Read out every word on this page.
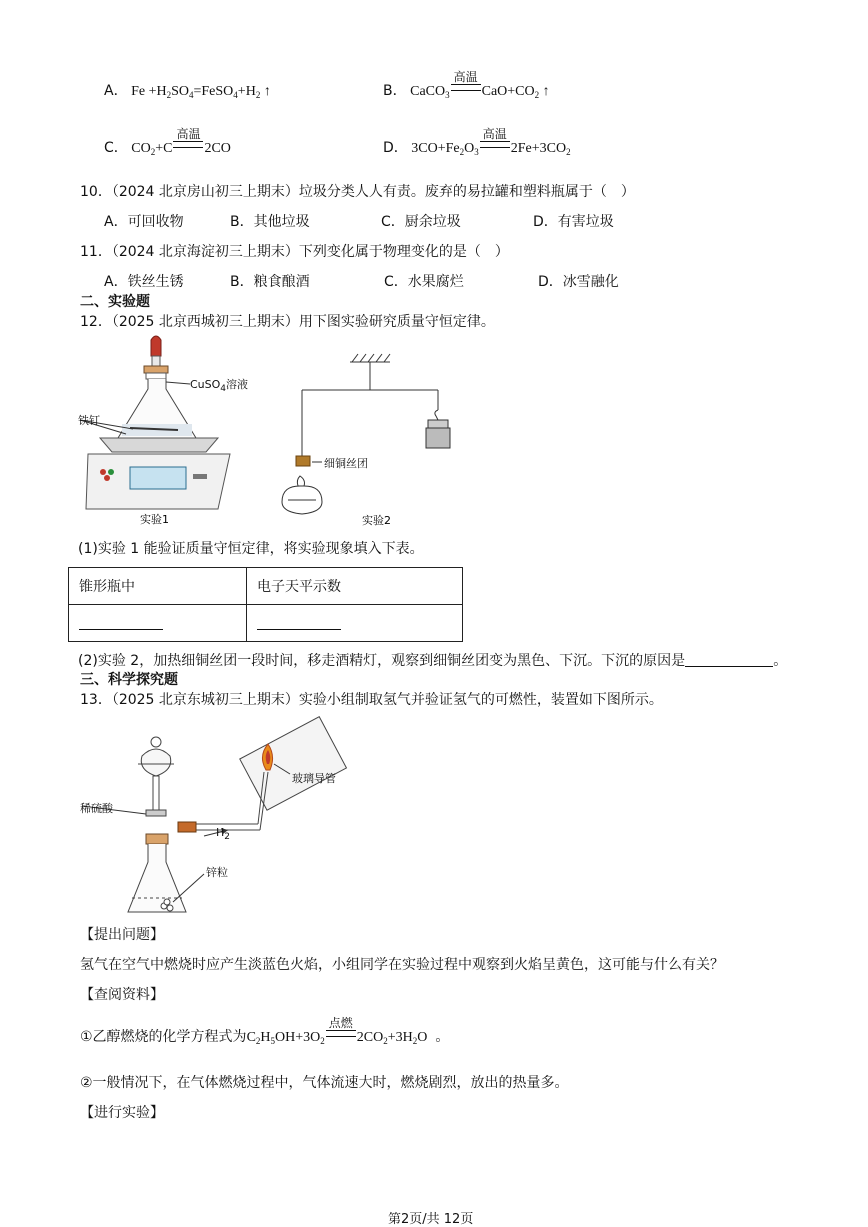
A． $Fe +H_2SO_4=FeSO_4+H_2$ ↑	B． CaCO$_3$
高温
$CaO+CO_2$ ↑
C． $CO_2+C$
高温
2CO	D． $3CO+Fe_2O_3$
高温
$2Fe+3CO_2$
10．（2024 北京房山初三上期末）垃圾分类人人有责。废弃的易拉罐和塑料瓶属于（　）
A．可回收物	B．其他垃圾	C．厨余垃圾	D．有害垃圾
11．（2024 北京海淀初三上期末）下列变化属于物理变化的是（　）
A．铁丝生锈	B．粮食酿酒	C．水果腐烂	D．冰雪融化
二、实验题
12．（2025 北京西城初三上期末）用下图实验研究质量守恒定律。
实验1
CuSO$_4$溶液
铁钉
实验2
细铜丝团
(1)实验 1 能验证质量守恒定律，将实验现象填入下表。
锥形瓶中	电子天平示数

(2)实验 2，加热细铜丝团一段时间，移走酒精灯，观察到细铜丝团变为黑色、下沉。下沉的原因是	。
三、科学探究题
13．（2025 北京东城初三上期末）实验小组制取氢气并验证氢气的可燃性，装置如下图所示。
稀硫酸
玻璃导管
$H_2$
锌粒
【提出问题】
氢气在空气中燃烧时应产生淡蓝色火焰，小组同学在实验过程中观察到火焰呈黄色，这可能与什么有关？
【查阅资料】
①乙醇燃烧的化学方程式为$C_2H_5OH+3O_2$
点燃
$2CO_2+3H_2O$ 。
②一般情况下，在气体燃烧过程中，气体流速大时，燃烧剧烈，放出的热量多。
【进行实验】
第2页/共 12页
